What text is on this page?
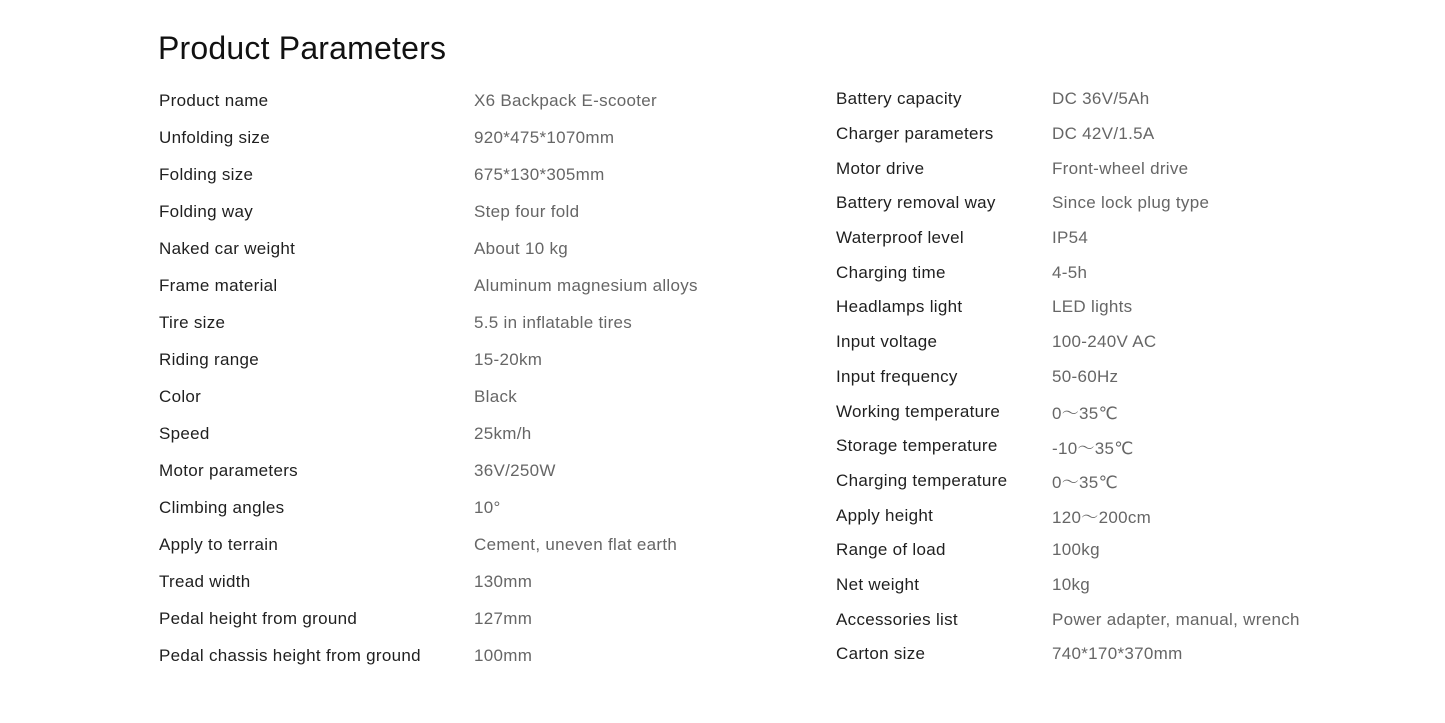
Product Parameters
Product name	X6 Backpack E-scooter
Unfolding size	920*475*1070mm
Folding size	675*130*305mm
Folding way	Step four fold
Naked car weight	About 10 kg
Frame material	Aluminum magnesium alloys
Tire size	5.5 in inflatable tires
Riding range	15-20km
Color	Black
Speed	25km/h
Motor parameters	36V/250W
Climbing angles	10°
Apply to terrain	Cement, uneven flat earth
Tread width	130mm
Pedal height from ground	127mm
Pedal chassis height from ground	100mm
Battery capacity	DC 36V/5Ah
Charger parameters	DC 42V/1.5A
Motor drive	Front-wheel drive
Battery removal way	Since lock plug type
Waterproof level	IP54
Charging time	4-5h
Headlamps light	LED lights
Input voltage	100-240V AC
Input frequency	50-60Hz
Working temperature	0～35℃
Storage temperature	-10～35℃
Charging temperature	0～35℃
Apply height	120～200cm
Range of load	100kg
Net weight	10kg
Accessories list	Power adapter, manual, wrench
Carton size	740*170*370mm
